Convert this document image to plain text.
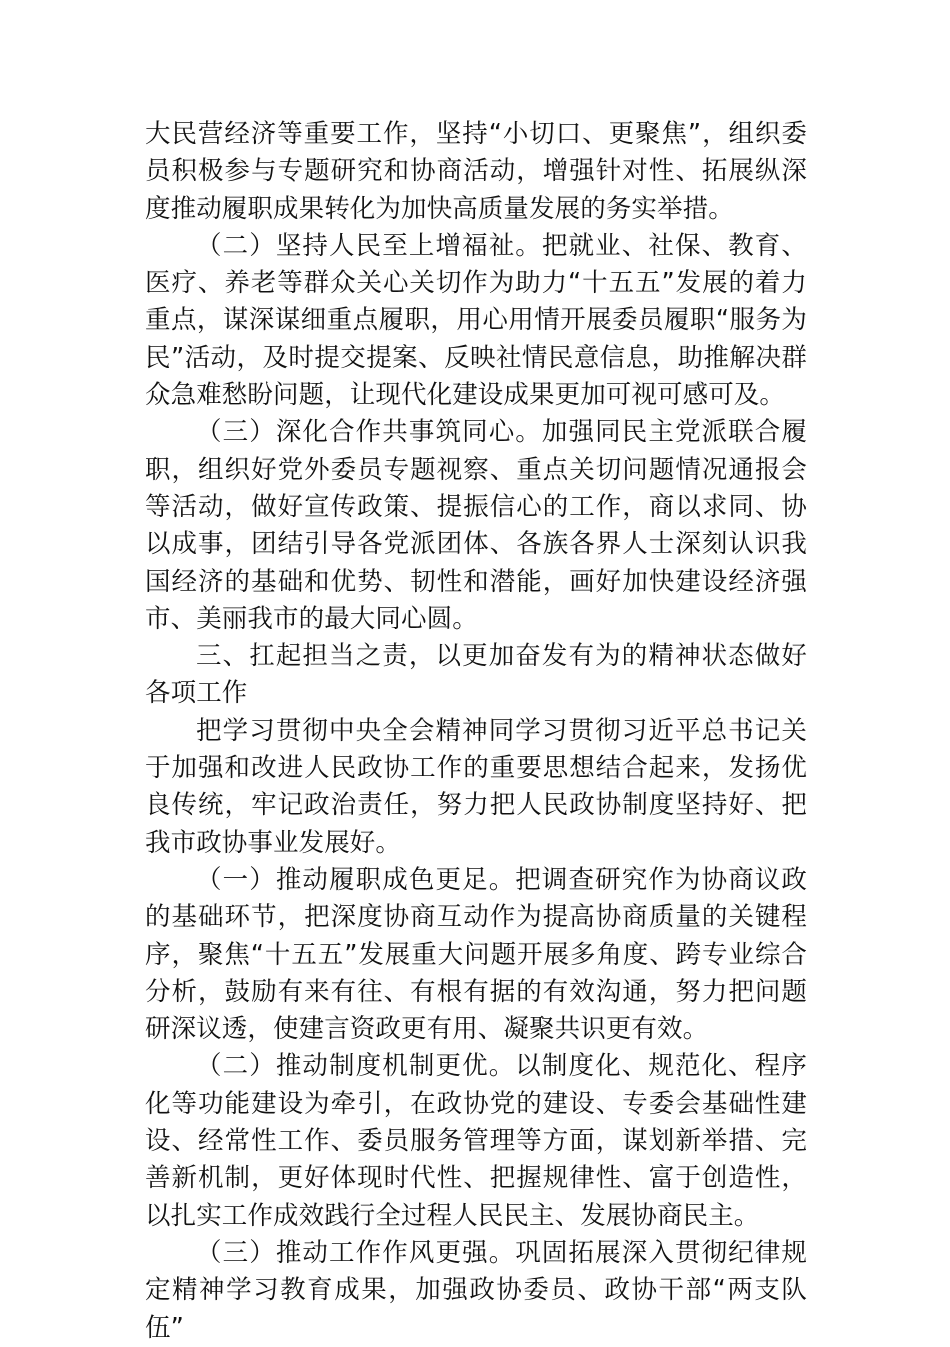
大民营经济等重要工作，坚持“小切口、更聚焦”，组织委员积极参与专题研究和协商活动，增强针对性、拓展纵深度推动履职成果转化为加快高质量发展的务实举措。

（二）坚持人民至上增福祉。把就业、社保、教育、医疗、养老等群众关心关切作为助力“十五五”发展的着力重点，谋深谋细重点履职，用心用情开展委员履职“服务为民”活动，及时提交提案、反映社情民意信息，助推解决群众急难愁盼问题，让现代化建设成果更加可视可感可及。

（三）深化合作共事筑同心。加强同民主党派联合履职，组织好党外委员专题视察、重点关切问题情况通报会等活动，做好宣传政策、提振信心的工作，商以求同、协以成事，团结引导各党派团体、各族各界人士深刻认识我国经济的基础和优势、韧性和潜能，画好加快建设经济强市、美丽我市的最大同心圆。

三、扛起担当之责，以更加奋发有为的精神状态做好各项工作

把学习贯彻中央全会精神同学习贯彻习近平总书记关于加强和改进人民政协工作的重要思想结合起来，发扬优良传统，牢记政治责任，努力把人民政协制度坚持好、把我市政协事业发展好。

（一）推动履职成色更足。把调查研究作为协商议政的基础环节，把深度协商互动作为提高协商质量的关键程序，聚焦“十五五”发展重大问题开展多角度、跨专业综合分析，鼓励有来有往、有根有据的有效沟通，努力把问题研深议透，使建言资政更有用、凝聚共识更有效。

（二）推动制度机制更优。以制度化、规范化、程序化等功能建设为牵引，在政协党的建设、专委会基础性建设、经常性工作、委员服务管理等方面，谋划新举措、完善新机制，更好体现时代性、把握规律性、富于创造性，以扎实工作成效践行全过程人民民主、发展协商民主。

（三）推动工作作风更强。巩固拓展深入贯彻纪律规定精神学习教育成果，加强政协委员、政协干部“两支队伍”
